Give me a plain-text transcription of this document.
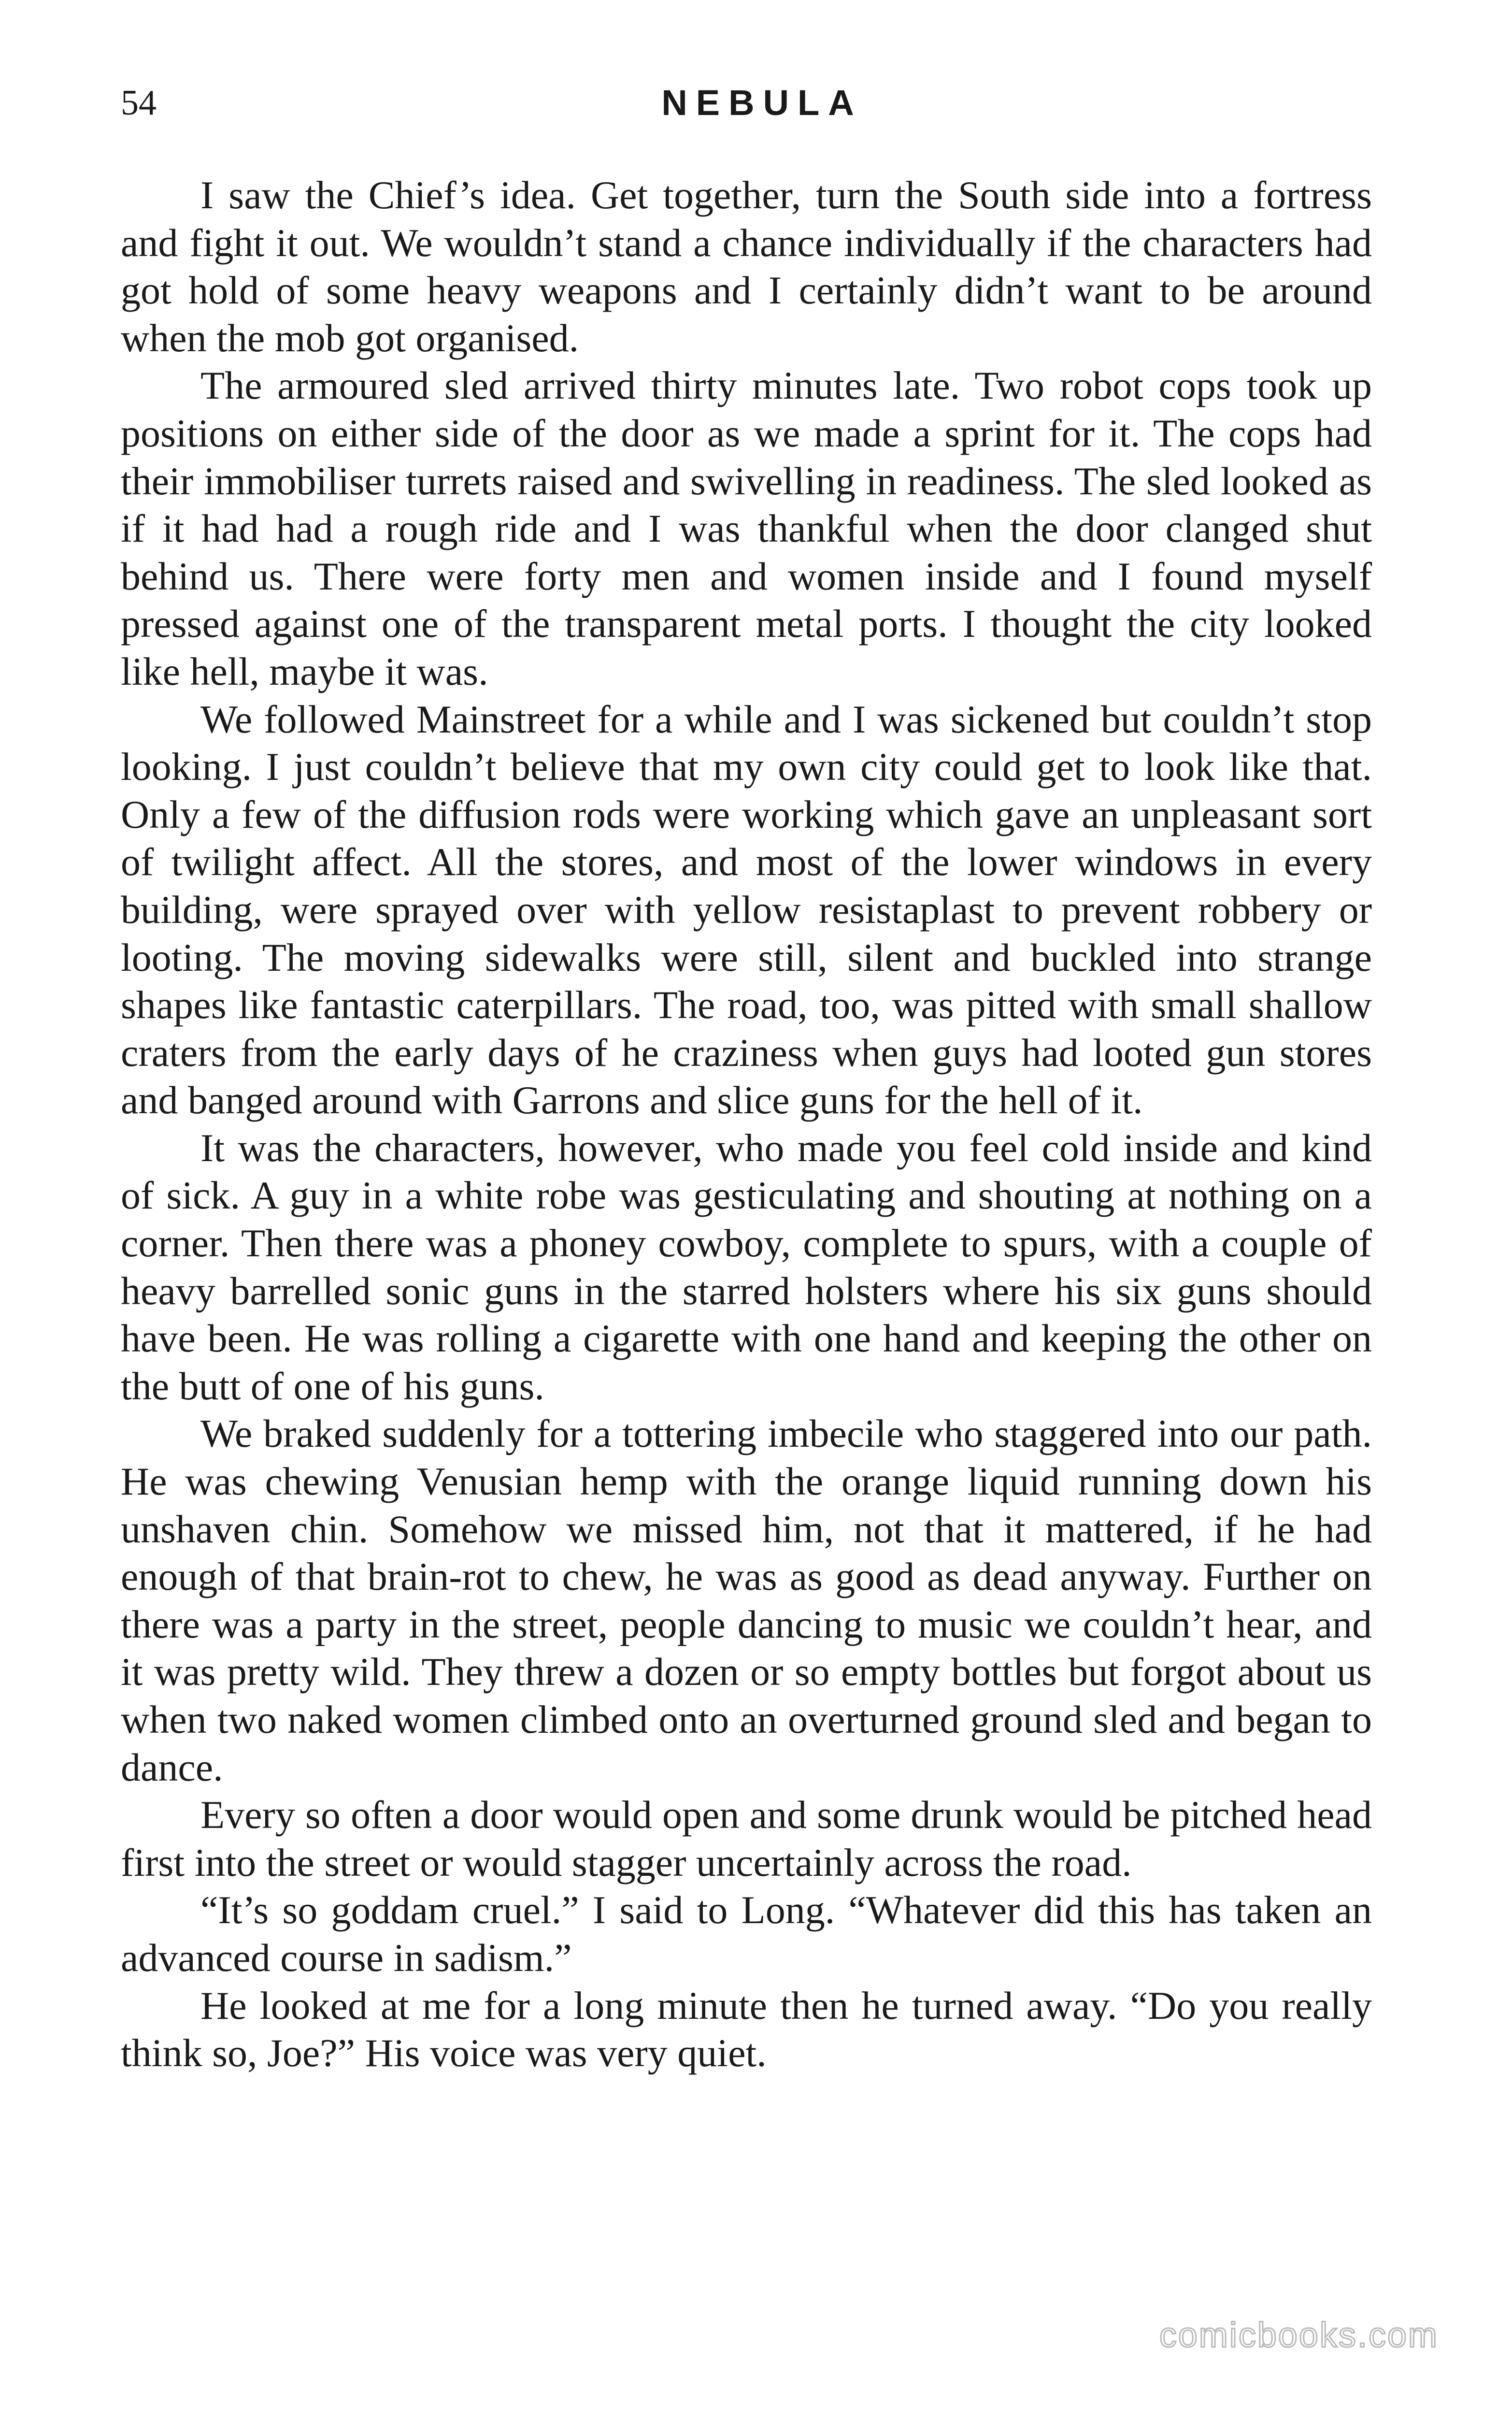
54	NEBULA

I saw the Chief’s idea. Get together, turn the South side into a fortress and fight it out. We wouldn’t stand a chance individually if the characters had got hold of some heavy weapons and I certainly didn’t want to be around when the mob got organised.

The armoured sled arrived thirty minutes late. Two robot cops took up positions on either side of the door as we made a sprint for it. The cops had their immobiliser turrets raised and swivelling in readiness. The sled looked as if it had had a rough ride and I was thankful when the door clanged shut behind us. There were forty men and women inside and I found myself pressed against one of the transparent metal ports. I thought the city looked like hell, maybe it was.

We followed Mainstreet for a while and I was sickened but couldn’t stop looking. I just couldn’t believe that my own city could get to look like that. Only a few of the diffusion rods were working which gave an unpleasant sort of twilight affect. All the stores, and most of the lower windows in every building, were sprayed over with yellow resistaplast to prevent robbery or looting. The moving sidewalks were still, silent and buckled into strange shapes like fantastic caterpillars. The road, too, was pitted with small shallow craters from the early days of he craziness when guys had looted gun stores and banged around with Garrons and slice guns for the hell of it.

It was the characters, however, who made you feel cold inside and kind of sick. A guy in a white robe was gesticulating and shouting at nothing on a corner. Then there was a phoney cowboy, complete to spurs, with a couple of heavy barrelled sonic guns in the starred holsters where his six guns should have been. He was rolling a cigarette with one hand and keeping the other on the butt of one of his guns.

We braked suddenly for a tottering imbecile who staggered into our path. He was chewing Venusian hemp with the orange liquid running down his unshaven chin. Somehow we missed him, not that it mattered, if he had enough of that brain-rot to chew, he was as good as dead anyway. Further on there was a party in the street, people dancing to music we couldn’t hear, and it was pretty wild. They threw a dozen or so empty bottles but forgot about us when two naked women climbed onto an overturned ground sled and began to dance.

Every so often a door would open and some drunk would be pitched head first into the street or would stagger uncertainly across the road.

“It’s so goddam cruel.” I said to Long. “Whatever did this has taken an advanced course in sadism.”

He looked at me for a long minute then he turned away. “Do you really think so, Joe?” His voice was very quiet.

comicbooks.com
